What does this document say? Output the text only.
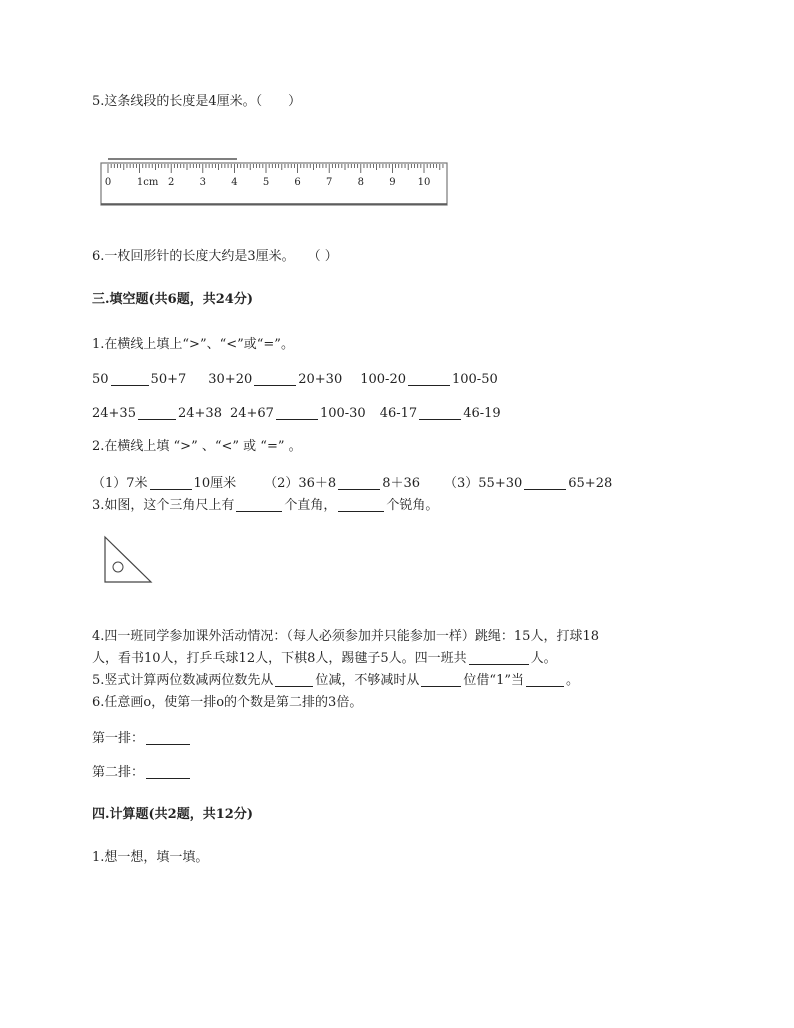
5.这条线段的长度是4厘米。（　　）
0	1cm 2	3	4	5	6	7	8	9 10
6.一枚回形针的长度大约是3厘米。　　（ ）
三.填空题(共6题，共24分)
1.在横线上填上“>”、“<”或“=”。
50	50+7 30+20	20+30 100-20	100-50
24+35	24+38 24+67	100-30 46-17	46-19
2.在横线上填 “>” 、“<” 或 “=” 。
（1）7米	10厘米 （2）36＋8	8＋36 （3）55+30	65+28
3.如图，这个三角尺上有	个直角，	个锐角。
4.四一班同学参加课外活动情况：（每人必须参加并只能参加一样）跳绳：15人，打球18
人，看书10人，打乒乓球12人，下棋8人，踢毽子5人。四一班共	人。
5.竖式计算两位数减两位数先从	位减，不够减时从	位借“1”当	。
6.任意画o，使第一排o的个数是第二排的3倍。
第一排：
第二排：
四.计算题(共2题，共12分)
1.想一想，填一填。
